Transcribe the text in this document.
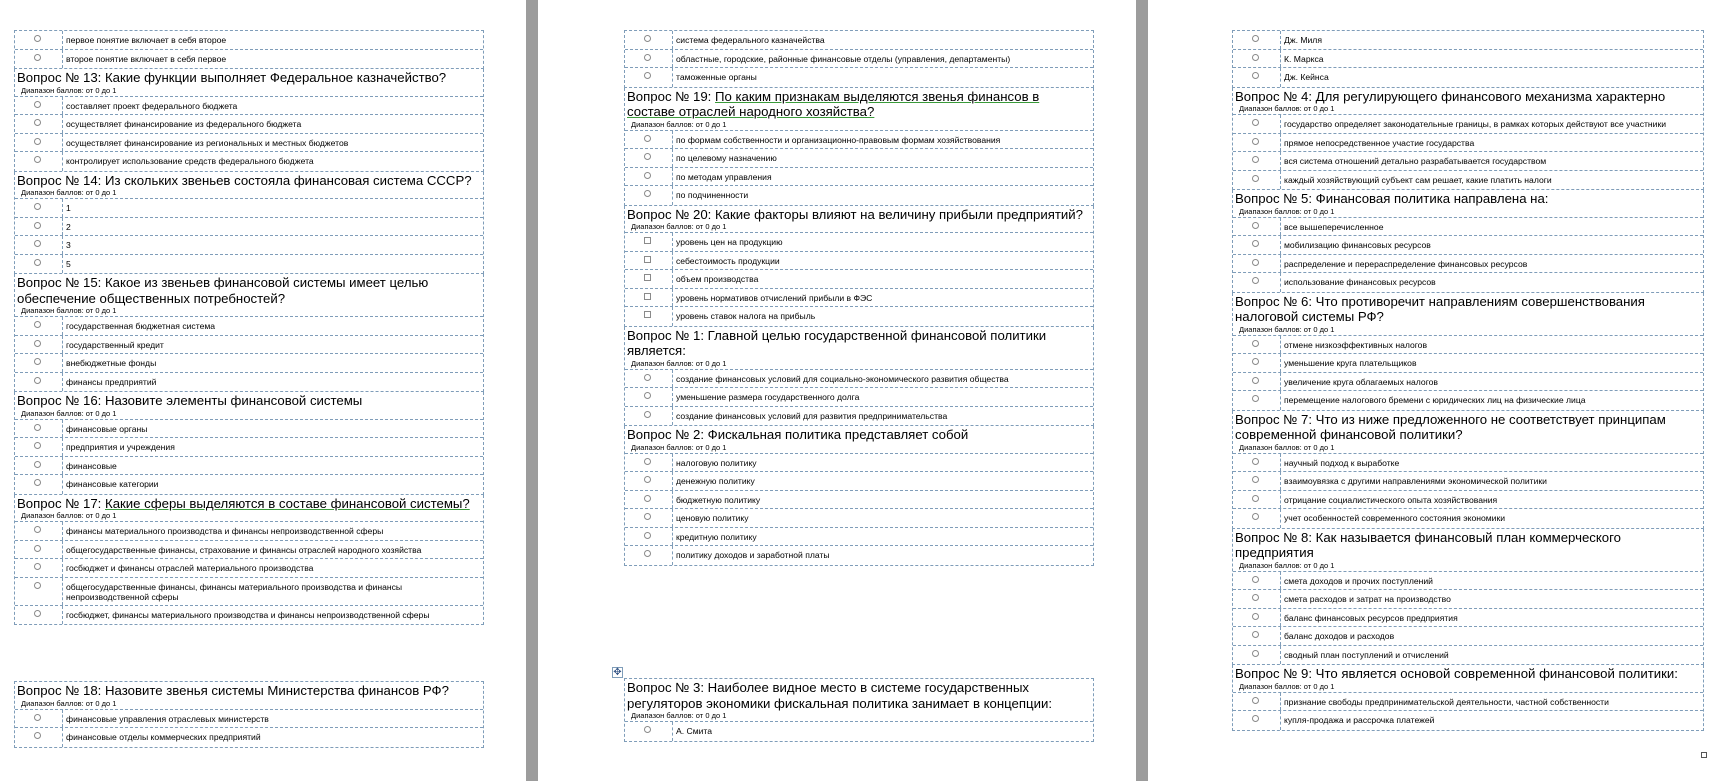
первое понятие включает в себя второе
второе понятие включает в себя первое
Вопрос № 13: Какие функции выполняет Федеральное казначейство?
Диапазон баллов: от 0 до 1
составляет проект федерального бюджета
осуществляет финансирование из федерального бюджета
осуществляет финансирование из региональных и местных бюджетов
контролирует использование средств федерального бюджета
Вопрос № 14: Из скольких звеньев состояла финансовая система СССР?
Диапазон баллов: от 0 до 1
1
2
3
5
Вопрос № 15: Какое из звеньев финансовой системы имеет целью обеспечение общественных потребностей?
Диапазон баллов: от 0 до 1
государственная бюджетная система
государственный кредит
внебюджетные фонды
финансы предприятий
Вопрос № 16: Назовите элементы финансовой системы
Диапазон баллов: от 0 до 1
финансовые органы
предприятия и учреждения
финансовые
финансовые категории
Вопрос № 17: Какие сферы выделяются в составе финансовой системы?
Диапазон баллов: от 0 до 1
финансы материального производства и финансы непроизводственной сферы
общегосударственные финансы, страхование и финансы отраслей народного хозяйства
госбюджет и финансы отраслей материального производства
общегосударственные финансы, финансы материального производства и финансы непроизводственной сферы
госбюджет, финансы материального производства и финансы непроизводственной сферы
Вопрос № 18: Назовите звенья системы Министерства финансов РФ?
Диапазон баллов: от 0 до 1
финансовые управления отраслевых министерств
финансовые отделы коммерческих предприятий
система федерального казначейства
областные, городские, районные финансовые отделы (управления, департаменты)
таможенные органы
Вопрос № 19: По каким признакам выделяются звенья финансов в составе отраслей народного хозяйства?
Диапазон баллов: от 0 до 1
по формам собственности и организационно-правовым формам хозяйствования
по целевому назначению
по методам управления
по подчиненности
Вопрос № 20: Какие факторы влияют на величину прибыли предприятий?
Диапазон баллов: от 0 до 1
уровень цен на продукцию
себестоимость продукции
объем производства
уровень нормативов отчислений прибыли в ФЭС
уровень ставок налога на прибыль
Вопрос № 1: Главной целью государственной финансовой политики является:
Диапазон баллов: от 0 до 1
создание финансовых условий для социально-экономического развития общества
уменьшение размера государственного долга
создание финансовых условий для развития предпринимательства
Вопрос № 2: Фискальная политика представляет собой
Диапазон баллов: от 0 до 1
налоговую политику
денежную политику
бюджетную политику
ценовую политику
кредитную политику
политику доходов и заработной платы
✥
Вопрос № 3: Наиболее видное место в системе государственных регуляторов экономики фискальная политика занимает в концепции:
Диапазон баллов: от 0 до 1
А. Смита
Дж. Миля
К. Маркса
Дж. Кейнса
Вопрос № 4: Для регулирующего финансового механизма характерно
Диапазон баллов: от 0 до 1
государство определяет законодательные границы, в рамках которых действуют все участники
прямое непосредственное участие государства
вся система отношений детально разрабатывается государством
каждый хозяйствующий субъект сам решает, какие платить налоги
Вопрос № 5: Финансовая политика направлена на:
Диапазон баллов: от 0 до 1
все вышеперечисленное
мобилизацию финансовых ресурсов
распределение и перераспределение финансовых ресурсов
использование финансовых ресурсов
Вопрос № 6: Что противоречит направлениям совершенствования налоговой системы РФ?
Диапазон баллов: от 0 до 1
отмене низкоэффективных налогов
уменьшение круга плательщиков
увеличение круга облагаемых налогов
перемещение налогового бремени с юридических лиц на физические лица
Вопрос № 7: Что из ниже предложенного не соответствует принципам современной финансовой политики?
Диапазон баллов: от 0 до 1
научный подход к выработке
взаимоувязка с другими направлениями экономической политики
отрицание социалистического опыта хозяйствования
учет особенностей современного состояния экономики
Вопрос № 8: Как называется финансовый план коммерческого предприятия
Диапазон баллов: от 0 до 1
смета доходов и прочих поступлений
смета расходов и затрат на производство
баланс финансовых ресурсов предприятия
баланс доходов и расходов
сводный план поступлений и отчислений
Вопрос № 9: Что является основой современной финансовой политики:
Диапазон баллов: от 0 до 1
признание свободы предпринимательской деятельности, частной собственности
купля-продажа и рассрочка платежей
